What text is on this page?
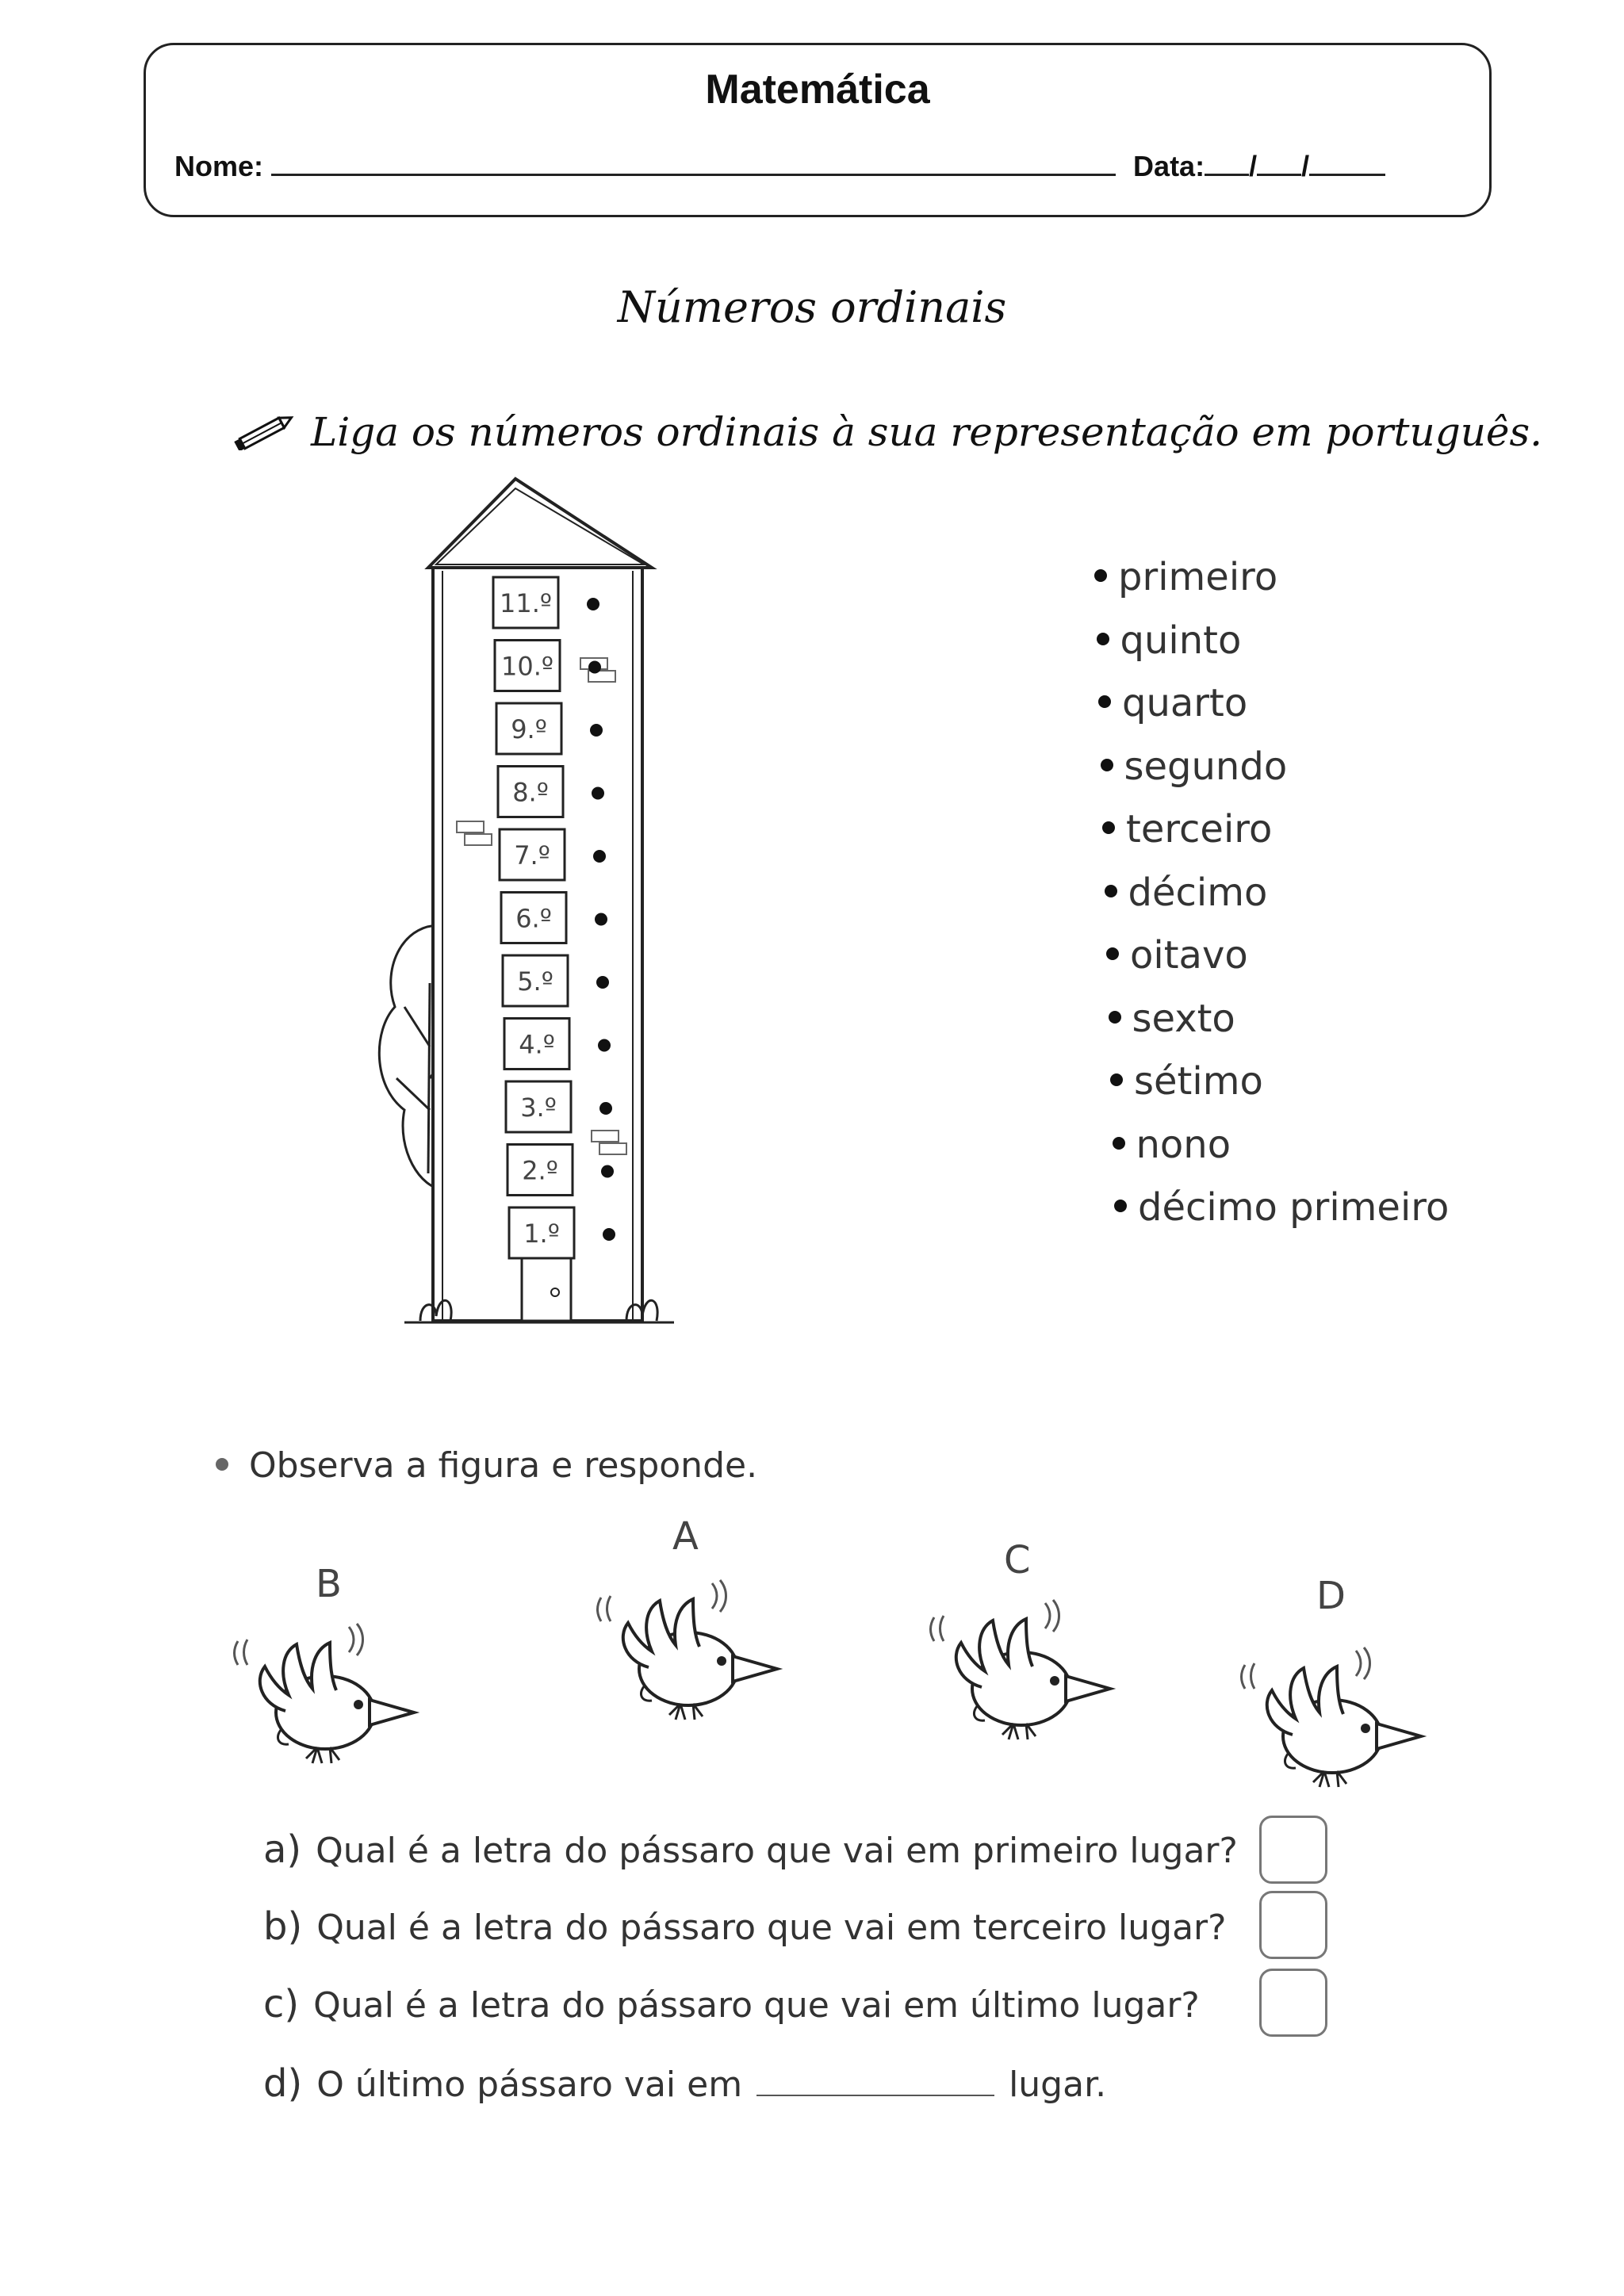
Matemática
Nome:	Data: / /
Números ordinais
Liga os números ordinais à sua representação em português.
11.º
10.º
9.º
8.º
7.º
6.º
5.º
4.º
3.º
2.º
1.º
primeiro
quinto
quarto
segundo
terceiro
décimo
oitavo
sexto
sétimo
nono
décimo primeiro
Observa a figura e responde.
B
A
C
D
a) Qual é a letra do pássaro que vai em primeiro lugar?
b) Qual é a letra do pássaro que vai em terceiro lugar?
c) Qual é a letra do pássaro que vai em último lugar?
d) O último pássaro vai em	lugar.
